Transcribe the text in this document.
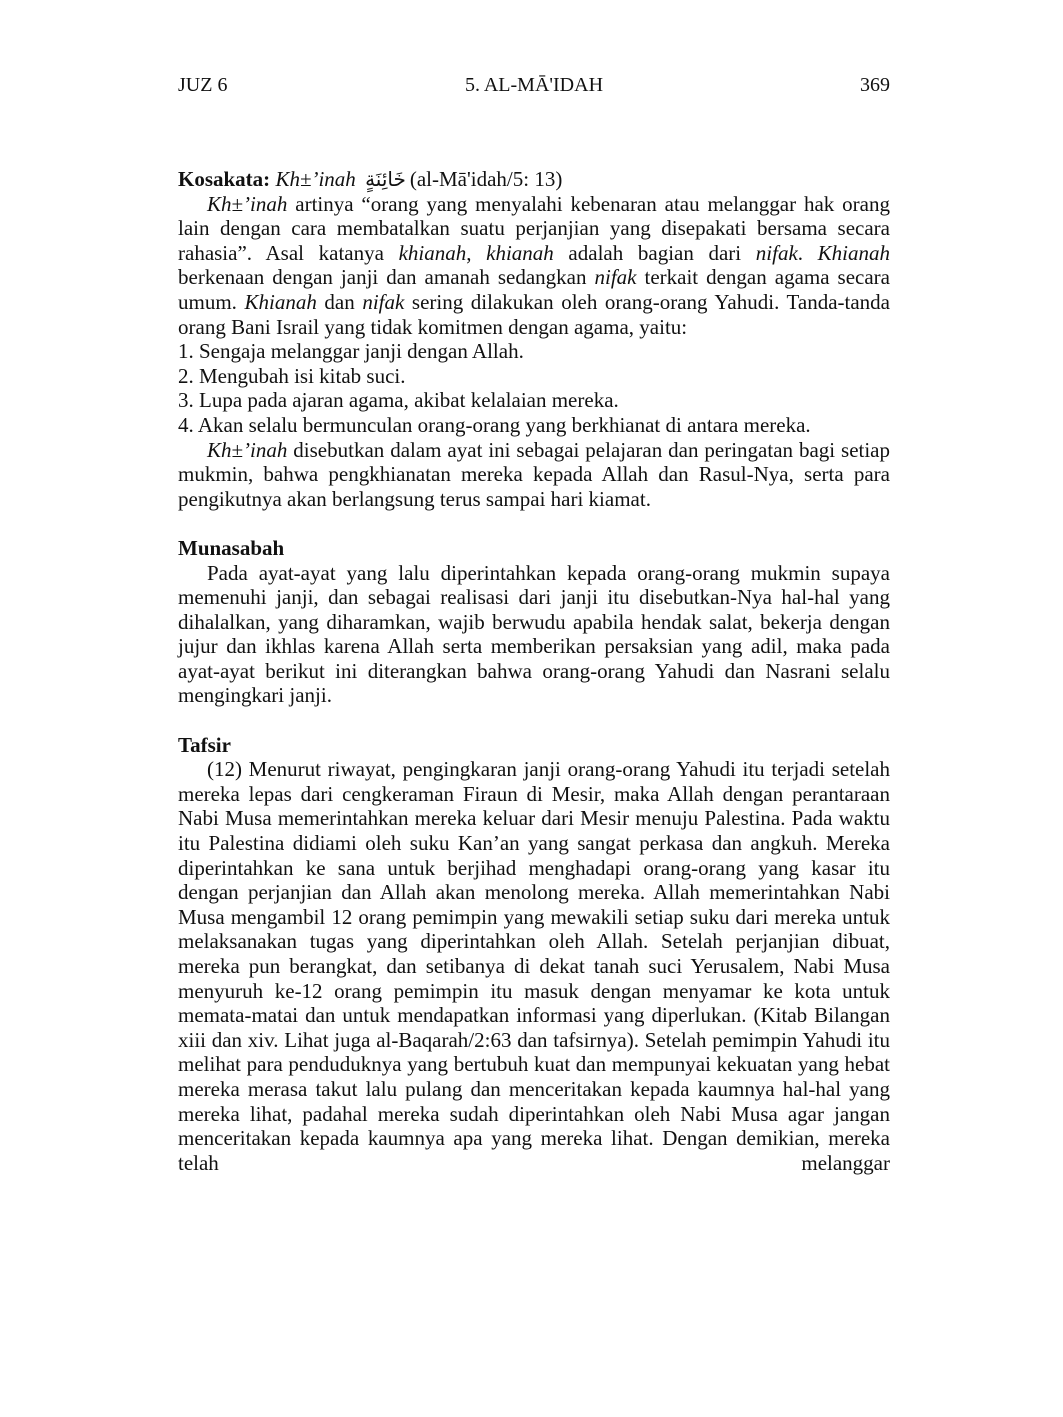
JUZ 6	5. AL-MĀ'IDAH	369

Kosakata: Kh±’inah خَائِنَةٍ (al-Mā'idah/5: 13)

Kh±’inah artinya “orang yang menyalahi kebenaran atau melanggar hak orang lain dengan cara membatalkan suatu perjanjian yang disepakati bersama secara rahasia”. Asal katanya khianah, khianah adalah bagian dari nifak. Khianah berkenaan dengan janji dan amanah sedangkan nifak terkait dengan agama secara umum. Khianah dan nifak sering dilakukan oleh orang-orang Yahudi. Tanda-tanda orang Bani Israil yang tidak komitmen dengan agama, yaitu:

1. Sengaja melanggar janji dengan Allah.
2. Mengubah isi kitab suci.
3. Lupa pada ajaran agama, akibat kelalaian mereka.
4. Akan selalu bermunculan orang-orang yang berkhianat di antara mereka.

Kh±’inah disebutkan dalam ayat ini sebagai pelajaran dan peringatan bagi setiap mukmin, bahwa pengkhianatan mereka kepada Allah dan Rasul-Nya, serta para pengikutnya akan berlangsung terus sampai hari kiamat.

Munasabah

Pada ayat-ayat yang lalu diperintahkan kepada orang-orang mukmin supaya memenuhi janji, dan sebagai realisasi dari janji itu disebutkan-Nya hal-hal yang dihalalkan, yang diharamkan, wajib berwudu apabila hendak salat, bekerja dengan jujur dan ikhlas karena Allah serta memberikan persaksian yang adil, maka pada ayat-ayat berikut ini diterangkan bahwa orang-orang Yahudi dan Nasrani selalu mengingkari janji.

Tafsir

(12) Menurut riwayat, pengingkaran janji orang-orang Yahudi itu terjadi setelah mereka lepas dari cengkeraman Firaun di Mesir, maka Allah dengan perantaraan Nabi Musa memerintahkan mereka keluar dari Mesir menuju Palestina. Pada waktu itu Palestina didiami oleh suku Kan’an yang sangat perkasa dan angkuh. Mereka diperintahkan ke sana untuk berjihad menghadapi orang-orang yang kasar itu dengan perjanjian dan Allah akan menolong mereka. Allah memerintahkan Nabi Musa mengambil 12 orang pemimpin yang mewakili setiap suku dari mereka untuk melaksanakan tugas yang diperintahkan oleh Allah. Setelah perjanjian dibuat, mereka pun berangkat, dan setibanya di dekat tanah suci Yerusalem, Nabi Musa menyuruh ke-12 orang pemimpin itu masuk dengan menyamar ke kota untuk memata-matai dan untuk mendapatkan informasi yang diperlukan. (Kitab Bilangan xiii dan xiv. Lihat juga al-Baqarah/2:63 dan tafsirnya). Setelah pemimpin Yahudi itu melihat para penduduknya yang bertubuh kuat dan mempunyai kekuatan yang hebat mereka merasa takut lalu pulang dan menceritakan kepada kaumnya hal-hal yang mereka lihat, padahal mereka sudah diperintahkan oleh Nabi Musa agar jangan menceritakan kepada kaumnya apa yang mereka lihat. Dengan demikian, mereka telah melanggar
